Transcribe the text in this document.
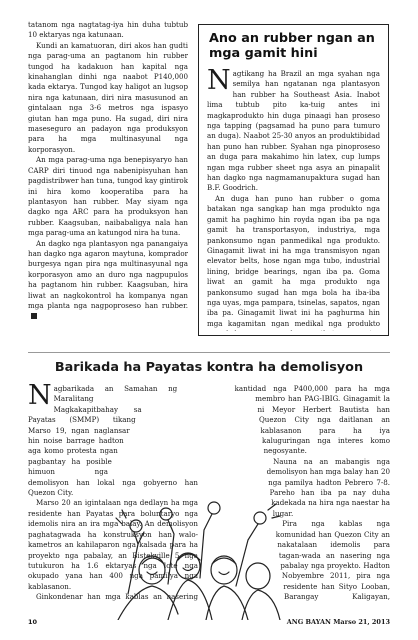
tatanom nga nagtatag-iya hin duha tubtub 10 ektaryas nga katunaan.

Kundi an kamatuoran, diri akos han gudti nga parag-uma an pagtanom hin rubber tungod ha kadakuon han kapital nga kinahanglan dinhi nga naabot P140,000 kada ektarya. Tungod kay haligot an lugsop nira nga katunaan, diri nira masusunod an gintalaan nga 3-6 metros nga ispasyo giutan han mga puno. Ha sugad, diri nira maseseguro an padayon nga produksyon para ha mga multinasyunal nga korporasyon.

An mga parag-uma nga benepisyaryo han CARP diri tinuod nga nabenipisyuhan han pagdistribwer han tuna, tungod kay gintirok ini hira komo kooperatiba para ha plantasyon han rubber. May siyam nga dagko nga ARC para ha produksyon han rubber. Kaagsuban, naibabaligya nala han mga parag-uma an katungod nira ha tuna.

An dagko nga plantasyon nga panangaiya han dagko nga agaron maytuna, komprador burgesya ngan pira nga multinasyunal nga korporasyon amo an duro nga nagpupulos ha pagtanom hin rubber. Kaagsuban, hira liwat an nagkokontrol ha kompanya ngan mga planta nga nagpoproseso han rubber.ab

Ano an rubber ngan an mga gamit hini

Nagtikang ha Brazil an mga syahan nga semilya han ngatanan nga plantasyon han rubber ha Southeast Asia. Inabot lima tubtub pito ka-tuig antes ini magkaprodukto hin duga pinaagi han proseso nga tapping (pagsamad ha puno para tumuro an duga). Naabot 25-30 anyos an produktibidad han puno han rubber. Syahan nga pinoproseso an duga para makahimo hin latex, cup lumps ngan mga rubber sheet nga asya an pinapalit han dagko nga nagmamanupaktura sugad han B.F. Goodrich.

An duga han puno han rubber o goma batakan nga sangkap han mga produkto nga gamit ha paghimo hin royda ngan iba pa nga gamit ha transportasyon, industriya, mga pankonsumo ngan panmedikal nga produkto. Ginagamit liwat ini ha mga transmisyon ngan elevator belts, hose ngan mga tubo, industrial lining, bridge bearings, ngan iba pa. Goma liwat an gamit ha mga produkto nga pankonsumo sugad han mga bola ha iba-iba nga uyas, mga pampara, tsinelas, sapatos, ngan iba pa. Ginagamit liwat ini ha paghurma hin mga kagamitan ngan medikal nga produkto

Barikada ha Payatas kontra ha demolisyon

Nagbarikada an Samahan ng Maralitang Magkakapitbahay sa Payatas (SMMP) tikang Marso 19, ngan naglansar hin noise barrage hadton aga komo protesta ngan pagbantay ha posible himuon nga demolisyon han lokal nga gobyerno han Quezon City.

Marso 20 an igintalaan nga dedlayn ha mga residente han Payatas para boluntaryo nga idemolis nira an ira mga balay. An demolisyon paghatagwada ha konstruksyon han walo-kametros an kahilaparon nga kalsada para ha proyekto nga pabalay, an Bistekville 5 nga tutukuron ha 1.6 ektaryas nga lote nga okupado yana han 400 nga pamilya nga kablasanon.

Ginkondenar han mga kablas an nasering

kantidad nga P400,000 para ha mga membro han PAG-IBIG. Ginagamit la ni Meyor Herbert Bautista han Quezon City nga daitlanan an kablasanon para ha iya kaluguringan nga interes komo negosyante.

Nauna na an mabangis nga demolisyon han mga balay han 20 nga pamilya hadton Pebrero 7-8. Pareho han iba pa nay duha kadekada na hira nga naestar ha lugar.

Pira nga kablas nga komunidad han Quezon City an nakatalaan idemolis para tagan-wada an nasering nga pabalay nga proyekto. Hadton Nobyembre 2011, pira nga residente han Sityo Looban, Barangay Kaligayan,

10	ANG BAYAN Marso 21, 2013
